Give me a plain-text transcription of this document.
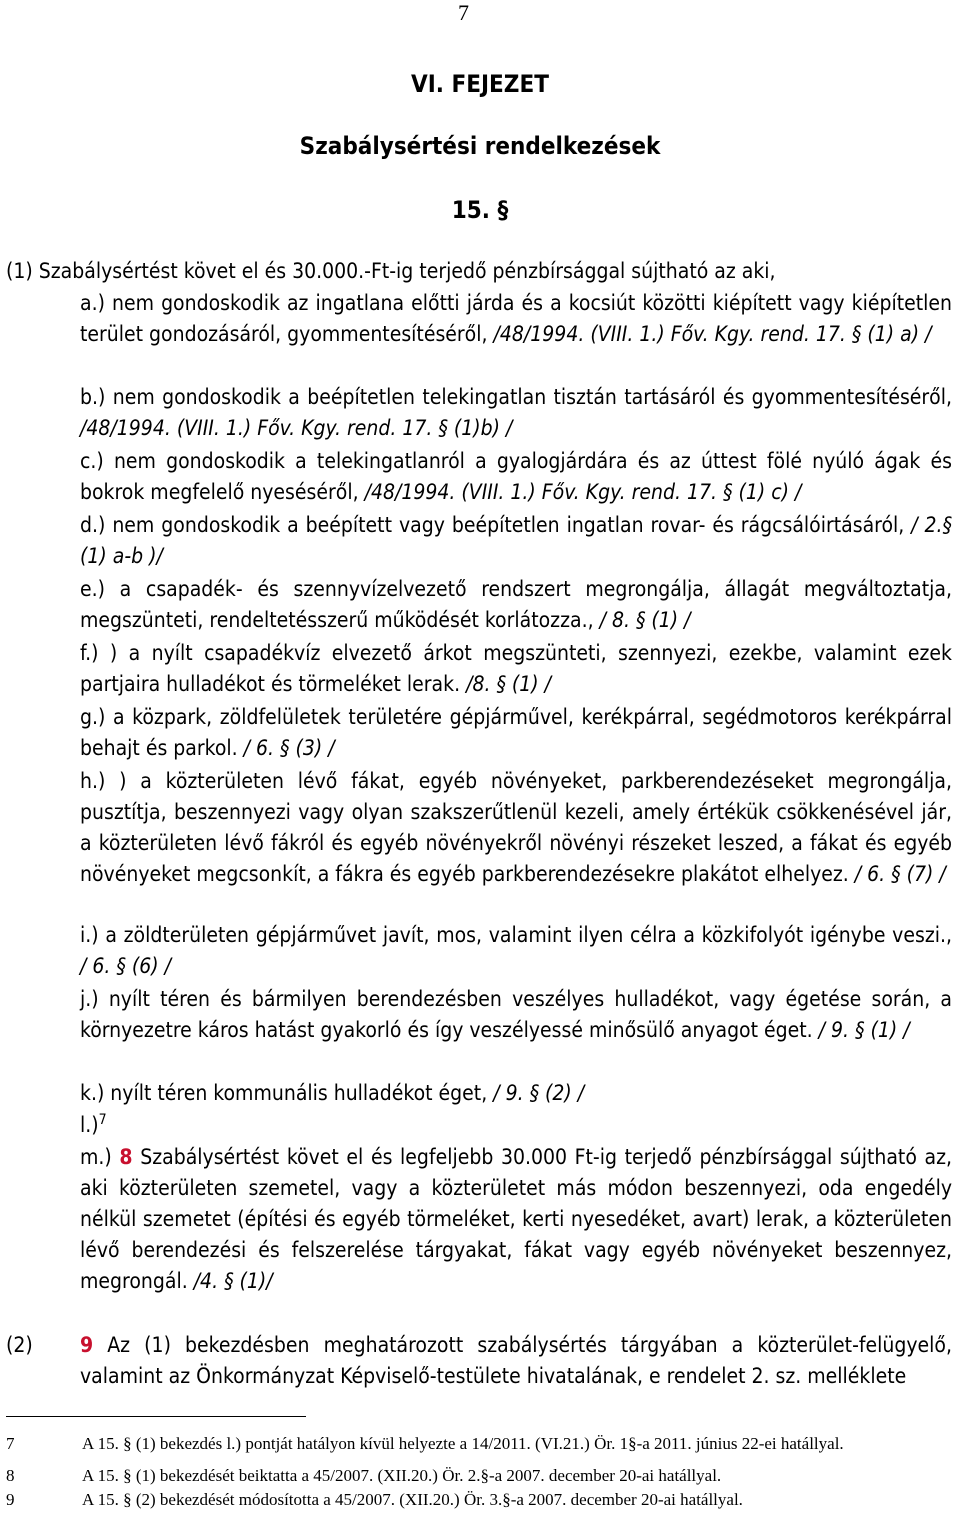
7
VI. FEJEZET
Szabálysértési rendelkezések
15. §
(1) Szabálysértést követ el és 30.000.-Ft-ig terjedő pénzbírsággal sújtható az aki,
a.) nem gondoskodik az ingatlana előtti járda és a kocsiút közötti kiépített vagy kiépítetlen terület gondozásáról, gyommentesítéséről, /48/1994. (VIII. 1.) Főv. Kgy. rend. 17. § (1) a) /
b.) nem gondoskodik a beépítetlen telekingatlan tisztán tartásáról és gyommentesítéséről, /48/1994. (VIII. 1.) Főv. Kgy. rend. 17. § (1)b) /
c.) nem gondoskodik a telekingatlanról a gyalogjárdára és az úttest fölé nyúló ágak és bokrok megfelelő nyeséséről, /48/1994. (VIII. 1.) Főv. Kgy. rend. 17. § (1) c) /
d.) nem gondoskodik a beépített vagy beépítetlen ingatlan rovar- és rágcsálóirtásáról, / 2.§ (1) a-b )/
e.) a csapadék- és szennyvízelvezető rendszert megrongálja, állagát megváltoztatja, megszünteti, rendeltetésszerű működését korlátozza., / 8. § (1) /
f.) ) a nyílt csapadékvíz elvezető árkot megszünteti, szennyezi, ezekbe, valamint ezek partjaira hulladékot és törmeléket lerak. /8. § (1) /
g.) a közpark, zöldfelületek területére gépjárművel, kerékpárral, segédmotoros kerékpárral behajt és parkol. / 6. § (3) /
h.) ) a közterületen lévő fákat, egyéb növényeket, parkberendezéseket megrongálja, pusztítja, beszennyezi vagy olyan szakszerűtlenül kezeli, amely értékük csökkenésével jár, a közterületen lévő fákról és egyéb növényekről növényi részeket leszed, a fákat és egyéb növényeket megcsonkít, a fákra és egyéb parkberendezésekre plakátot elhelyez. / 6. § (7) /
i.) a zöldterületen gépjárművet javít, mos, valamint ilyen célra a közkifolyót igénybe veszi., / 6. § (6) /
j.) nyílt téren és bármilyen berendezésben veszélyes hulladékot, vagy égetése során, a környezetre káros hatást gyakorló és így veszélyessé minősülő anyagot éget. / 9. § (1) /
k.) nyílt téren kommunális hulladékot éget, / 9. § (2) /
l.)$^7$
m.) 8 Szabálysértést követ el és legfeljebb 30.000 Ft-ig terjedő pénzbírsággal sújtható az, aki közterületen szemetel, vagy a közterületet más módon beszennyezi, oda engedély nélkül szemetet (építési és egyéb törmeléket, kerti nyesedéket, avart) lerak, a közterületen lévő berendezési és felszerelése tárgyakat, fákat vagy egyéb növényeket beszennyez, megrongál. /4. § (1)/
(2) 9 Az (1) bekezdésben meghatározott szabálysértés tárgyában a közterület-felügyelő, valamint az Önkormányzat Képviselő-testülete hivatalának, e rendelet 2. sz. melléklete
7	A 15. § (1) bekezdés l.) pontját hatályon kívül helyezte a 14/2011. (VI.21.) Ör. 1§-a 2011. június 22-ei hatállyal.
8	A 15. § (1) bekezdését beiktatta a 45/2007. (XII.20.) Ör. 2.§-a 2007. december 20-ai hatállyal.
9	A 15. § (2) bekezdését módosította a 45/2007. (XII.20.) Ör. 3.§-a 2007. december 20-ai hatállyal.
